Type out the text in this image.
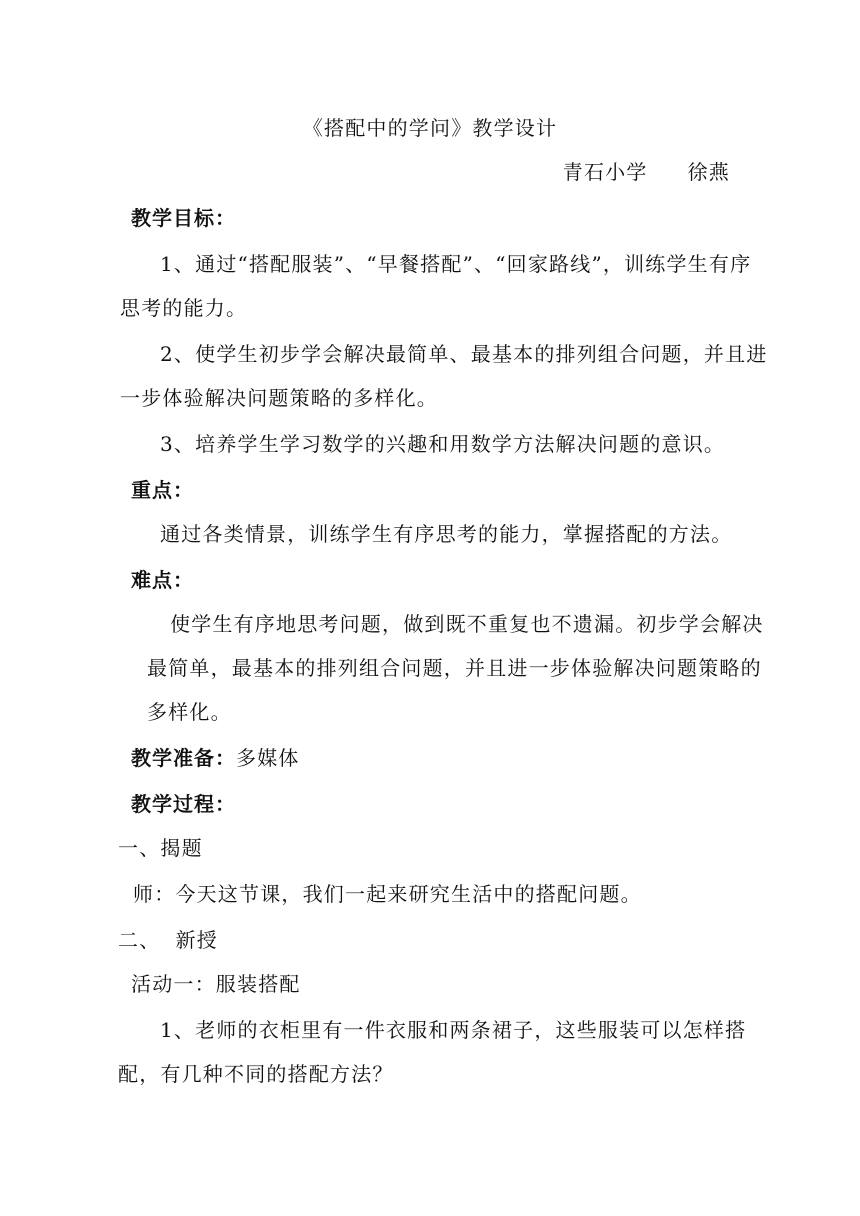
《搭配中的学问》教学设计
青石小学 徐燕
教学目标：
1、通过“搭配服装”、“早餐搭配”、“回家路线”，训练学生有序
思考的能力。
2、使学生初步学会解决最简单、最基本的排列组合问题，并且进
一步体验解决问题策略的多样化。
3、培养学生学习数学的兴趣和用数学方法解决问题的意识。
重点：
通过各类情景，训练学生有序思考的能力，掌握搭配的方法。
难点：
使学生有序地思考问题，做到既不重复也不遗漏。初步学会解决
最简单，最基本的排列组合问题，并且进一步体验解决问题策略的
多样化。
教学准备：多媒体
教学过程：
一、揭题
师：今天这节课，我们一起来研究生活中的搭配问题。
二、  新授
活动一：服装搭配
1、老师的衣柜里有一件衣服和两条裙子，这些服装可以怎样搭
配，有几种不同的搭配方法？
